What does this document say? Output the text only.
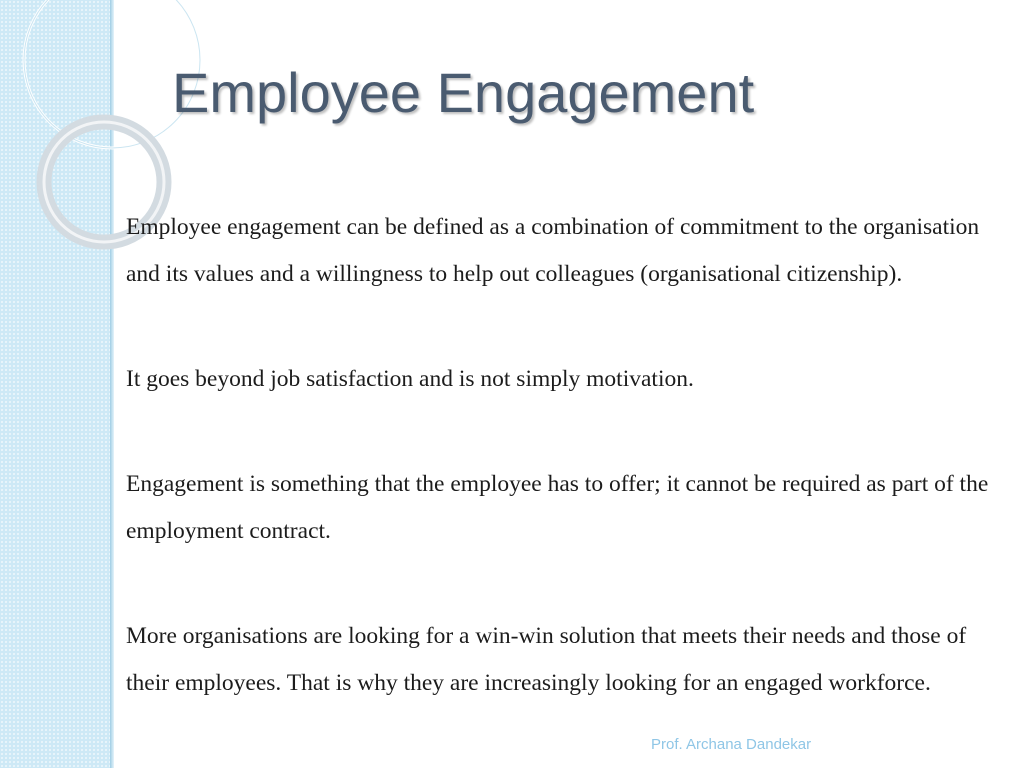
Employee Engagement

Employee engagement can be defined as a combination of commitment to the organisation and its values and a willingness to help out colleagues (organisational citizenship).

It goes beyond job satisfaction and is not simply motivation.

Engagement is something that the employee has to offer; it cannot be required as part of the employment contract.

More organisations are looking for a win-win solution that meets their needs and those of their employees. That is why they are increasingly looking for an engaged workforce.

Prof. Archana Dandekar
